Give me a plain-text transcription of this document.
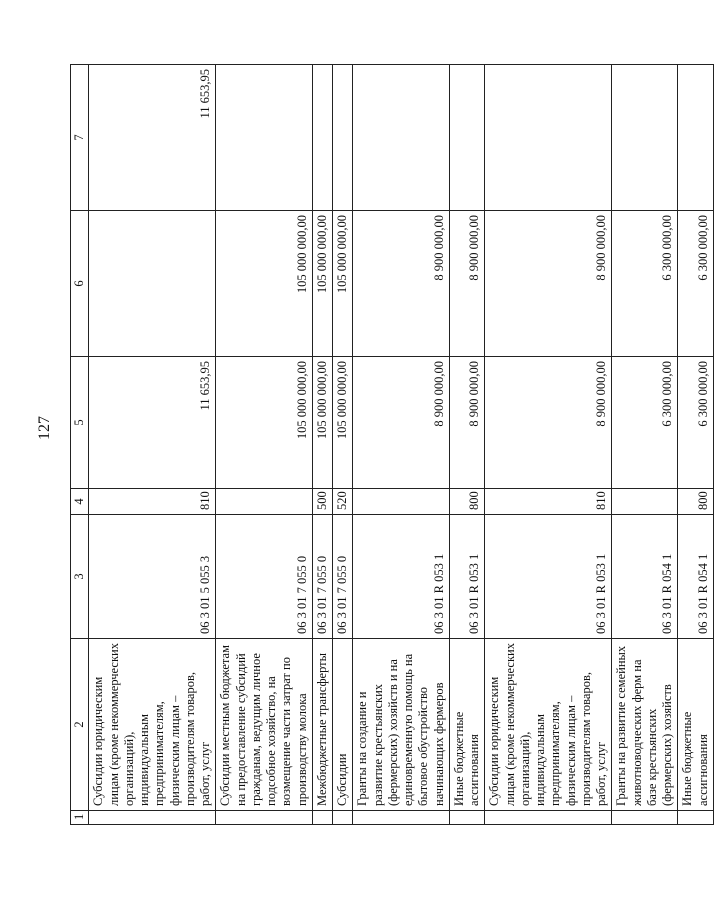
127
1	2	3	4	5	6	7
	Субсидии юридическим лицам (кроме некоммерческих организаций), индивидуальным предпринимателям, физическим лицам – производителям товаров, работ, услуг	06 3 01 5 055 3	810	11 653,95		11 653,95
	Субсидии местным бюджетам на предоставление субсидий гражданам, ведущим личное подсобное хозяйство, на возмещение части затрат по производству молока	06 3 01 7 055 0		105 000 000,00	105 000 000,00	
	Межбюджетные трансферты	06 3 01 7 055 0	500	105 000 000,00	105 000 000,00	
	Субсидии	06 3 01 7 055 0	520	105 000 000,00	105 000 000,00	
	Гранты на создание и развитие крестьянских (фермерских) хозяйств и на единовременную помощь на бытовое обустройство начинающих фермеров	06 3 01 R 053 1		8 900 000,00	8 900 000,00	
	Иные бюджетные ассигнования	06 3 01 R 053 1	800	8 900 000,00	8 900 000,00	
	Субсидии юридическим лицам (кроме некоммерческих организаций), индивидуальным предпринимателям, физическим лицам – производителям товаров, работ, услуг	06 3 01 R 053 1	810	8 900 000,00	8 900 000,00	
	Гранты на развитие семейных животноводческих ферм на базе крестьянских (фермерских) хозяйств	06 3 01 R 054 1		6 300 000,00	6 300 000,00	
	Иные бюджетные ассигнования	06 3 01 R 054 1	800	6 300 000,00	6 300 000,00	
